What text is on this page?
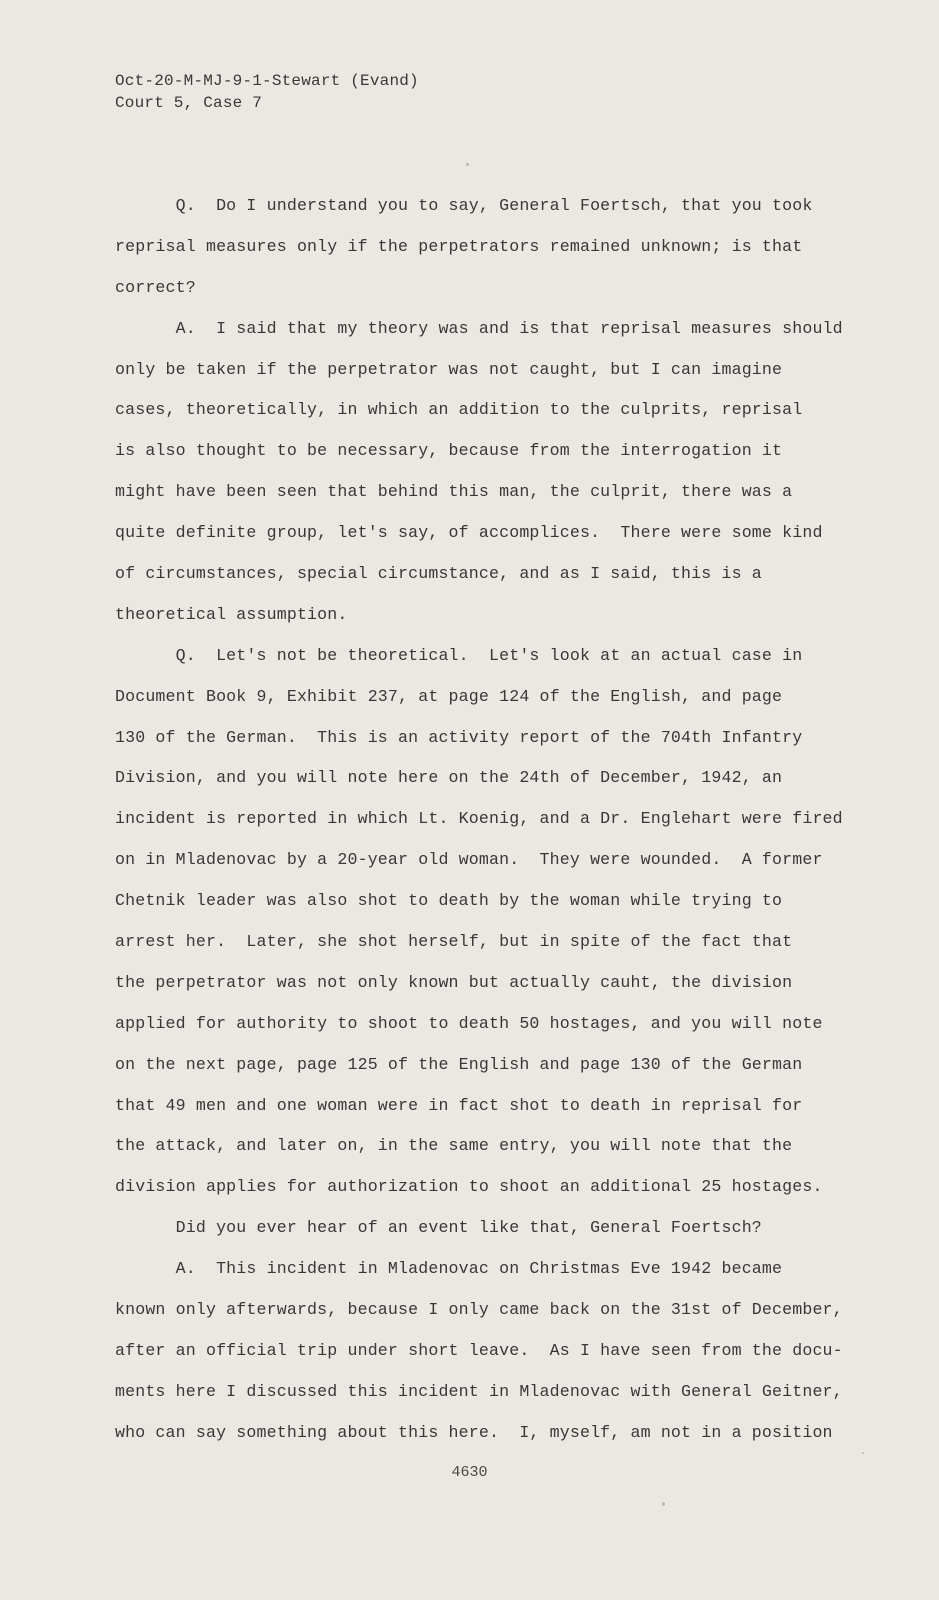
Oct-20-M-MJ-9-1-Stewart (Evand)
Court 5, Case 7
Q.  Do I understand you to say, General Foertsch, that you took
reprisal measures only if the perpetrators remained unknown; is that
correct?
A.  I said that my theory was and is that reprisal measures should
only be taken if the perpetrator was not caught, but I can imagine
cases, theoretically, in which an addition to the culprits, reprisal
is also thought to be necessary, because from the interrogation it
might have been seen that behind this man, the culprit, there was a
quite definite group, let's say, of accomplices.  There were some kind
of circumstances, special circumstance, and as I said, this is a
theoretical assumption.
Q.  Let's not be theoretical.  Let's look at an actual case in
Document Book 9, Exhibit 237, at page 124 of the English, and page
130 of the German.  This is an activity report of the 704th Infantry
Division, and you will note here on the 24th of December, 1942, an
incident is reported in which Lt. Koenig, and a Dr. Englehart were fired
on in Mladenovac by a 20-year old woman.  They were wounded.  A former
Chetnik leader was also shot to death by the woman while trying to
arrest her.  Later, she shot herself, but in spite of the fact that
the perpetrator was not only known but actually cauht, the division
applied for authority to shoot to death 50 hostages, and you will note
on the next page, page 125 of the English and page 130 of the German
that 49 men and one woman were in fact shot to death in reprisal for
the attack, and later on, in the same entry, you will note that the
division applies for authorization to shoot an additional 25 hostages.
Did you ever hear of an event like that, General Foertsch?
A.  This incident in Mladenovac on Christmas Eve 1942 became
known only afterwards, because I only came back on the 31st of December,
after an official trip under short leave.  As I have seen from the docu-
ments here I discussed this incident in Mladenovac with General Geitner,
who can say something about this here.  I, myself, am not in a position
4630
